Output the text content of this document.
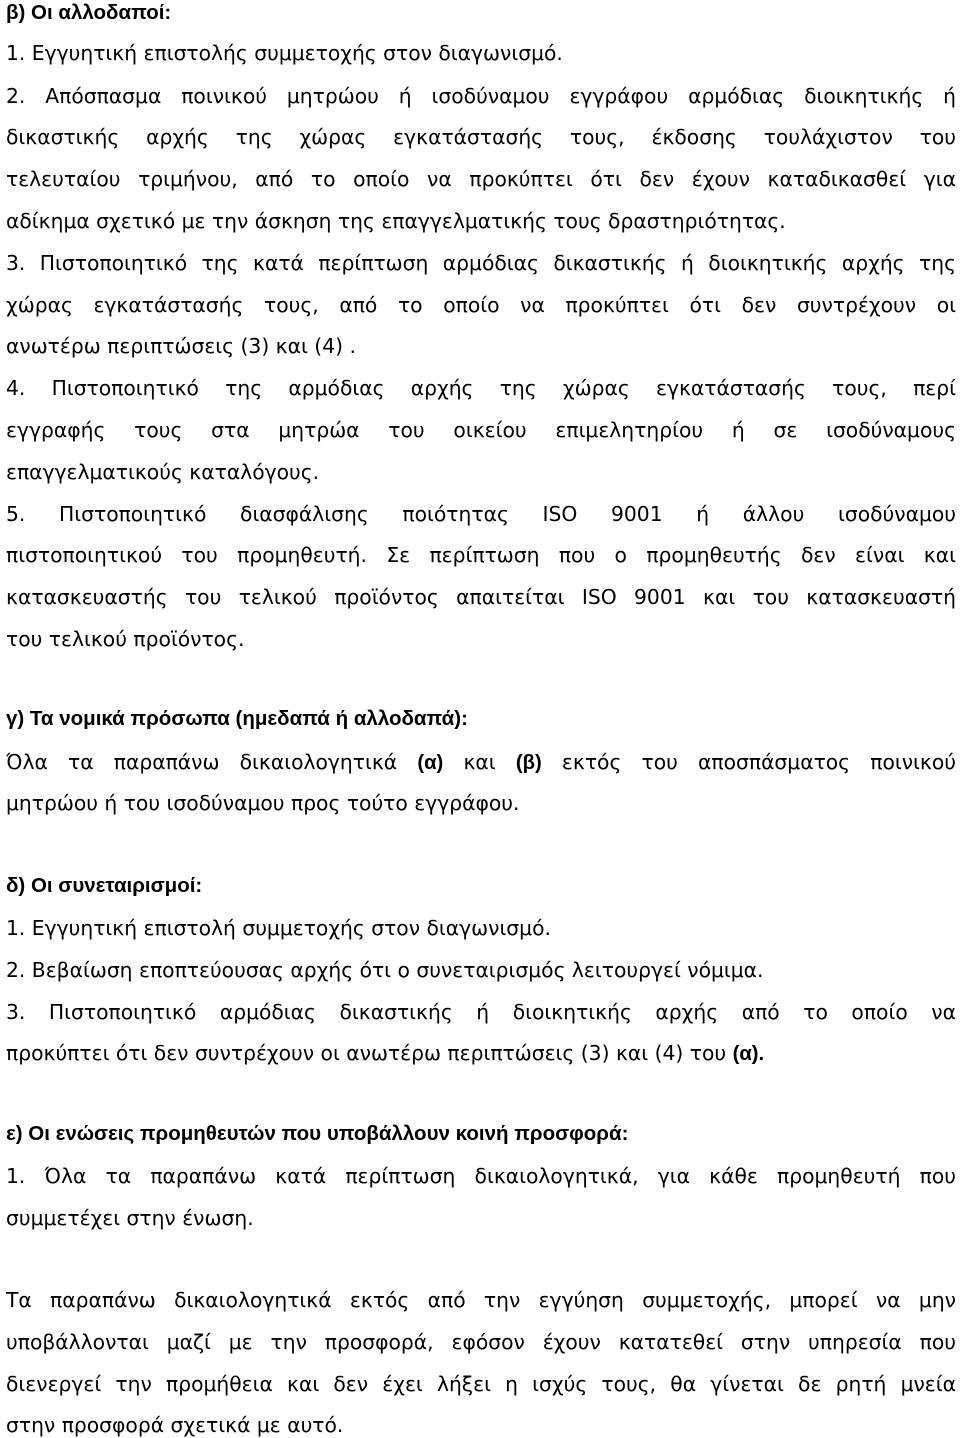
β) Οι αλλοδαποί:
1. Εγγυητική επιστολής συμμετοχής στον διαγωνισμό.
2. Απόσπασμα ποινικού μητρώου ή ισοδύναμου εγγράφου αρμόδιας διοικητικής ή
δικαστικής αρχής της χώρας εγκατάστασής τους, έκδοσης τουλάχιστον του
τελευταίου τριμήνου, από το οποίο να προκύπτει ότι δεν έχουν καταδικασθεί για
αδίκημα σχετικό με την άσκηση της επαγγελματικής τους δραστηριότητας.
3. Πιστοποιητικό της κατά περίπτωση αρμόδιας δικαστικής ή διοικητικής αρχής της
χώρας εγκατάστασής τους, από το οποίο να προκύπτει ότι δεν συντρέχουν οι
ανωτέρω περιπτώσεις (3) και (4) .
4. Πιστοποιητικό της αρμόδιας αρχής της χώρας εγκατάστασής τους, περί
εγγραφής τους στα μητρώα του οικείου επιμελητηρίου ή σε ισοδύναμους
επαγγελματικούς καταλόγους.
5. Πιστοποιητικό διασφάλισης ποιότητας ISO 9001 ή άλλου ισοδύναμου
πιστοποιητικού του προμηθευτή. Σε περίπτωση που ο προμηθευτής δεν είναι και
κατασκευαστής του τελικού προϊόντος απαιτείται ISO 9001 και του κατασκευαστή
του τελικού προϊόντος.
γ) Τα νομικά πρόσωπα (ημεδαπά ή αλλοδαπά):
Όλα τα παραπάνω δικαιολογητικά (α) και (β) εκτός του αποσπάσματος ποινικού
μητρώου ή του ισοδύναμου προς τούτο εγγράφου.
δ) Οι συνεταιρισμοί:
1. Εγγυητική επιστολή συμμετοχής στον διαγωνισμό.
2. Βεβαίωση εποπτεύουσας αρχής ότι ο συνεταιρισμός λειτουργεί νόμιμα.
3. Πιστοποιητικό αρμόδιας δικαστικής ή διοικητικής αρχής από το οποίο να
προκύπτει ότι δεν συντρέχουν οι ανωτέρω περιπτώσεις (3) και (4) του (α).
ε) Οι ενώσεις προμηθευτών που υποβάλλουν κοινή προσφορά:
1. Όλα τα παραπάνω κατά περίπτωση δικαιολογητικά, για κάθε προμηθευτή που
συμμετέχει στην ένωση.
Τα παραπάνω δικαιολογητικά εκτός από την εγγύηση συμμετοχής, μπορεί να μην
υποβάλλονται μαζί με την προσφορά, εφόσον έχουν κατατεθεί στην υπηρεσία που
διενεργεί την προμήθεια και δεν έχει λήξει η ισχύς τους, θα γίνεται δε ρητή μνεία
στην προσφορά σχετικά με αυτό.
